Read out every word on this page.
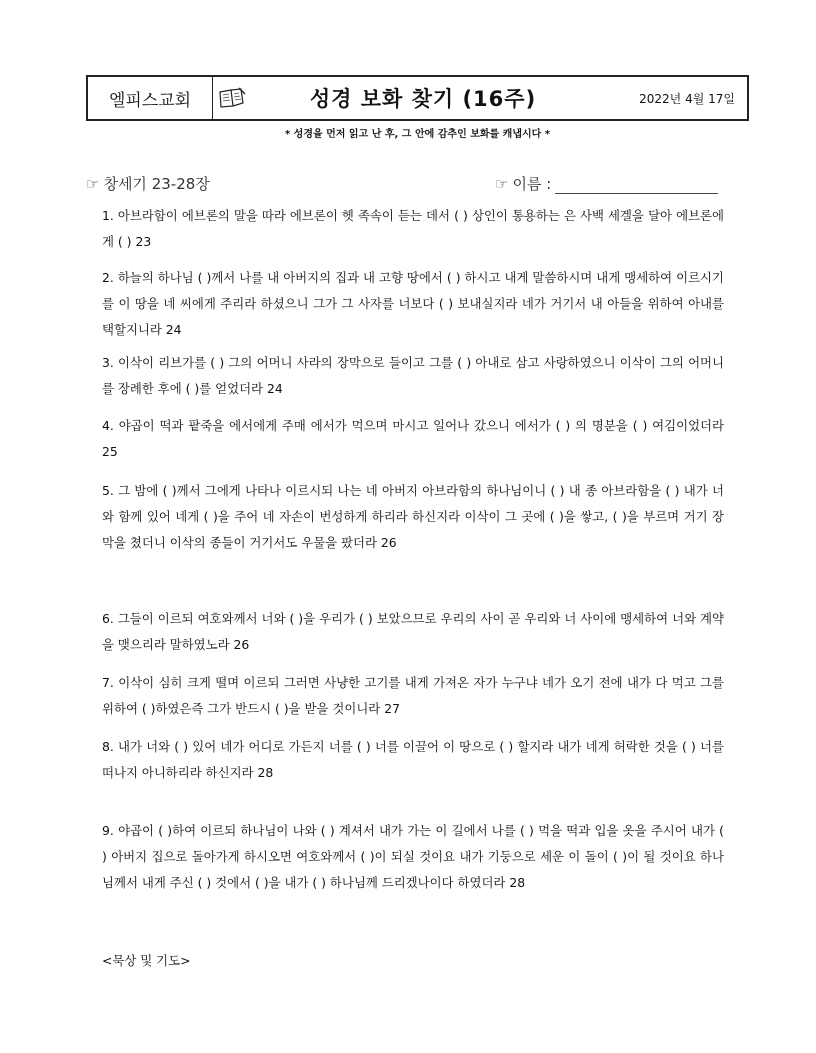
엘피스교회	성경 보화 찾기 (16주)	2022년 4월 17일
* 성경을 먼저 읽고 난 후, 그 안에 감추인 보화를 캐냅시다 *
☞ 창세기 23-28장	☞ 이름 :
1. 아브라함이 에브론의 말을 따라 에브론이 헷 족속이 듣는 데서 ( ) 상인이 통용하는 은 사백 세겔을 달아 에브론에게 ( ) 23
2. 하늘의 하나님 ( )께서 나를 내 아버지의 집과 내 고향 땅에서 ( ) 하시고 내게 말씀하시며 내게 맹세하여 이르시기를 이 땅을 네 씨에게 주리라 하셨으니 그가 그 사자를 너보다 ( ) 보내실지라 네가 거기서 내 아들을 위하여 아내를 택할지니라 24
3. 이삭이 리브가를 ( ) 그의 어머니 사라의 장막으로 들이고 그를 ( ) 아내로 삼고 사랑하였으니 이삭이 그의 어머니를 장례한 후에 ( )를 얻었더라 24
4. 야곱이 떡과 팥죽을 에서에게 주매 에서가 먹으며 마시고 일어나 갔으니 에서가 ( ) 의 명분을 ( ) 여김이었더라 25
5. 그 밤에 ( )께서 그에게 나타나 이르시되 나는 네 아버지 아브라함의 하나님이니 ( ) 내 종 아브라함을 ( ) 내가 너와 함께 있어 네게 ( )을 주어 네 자손이 번성하게 하리라 하신지라 이삭이 그 곳에 ( )을 쌓고, ( )을 부르며 거기 장막을 쳤더니 이삭의 종들이 거기서도 우물을 팠더라 26
6. 그들이 이르되 여호와께서 너와 ( )을 우리가 ( ) 보았으므로 우리의 사이 곧 우리와 너 사이에 맹세하여 너와 계약을 맺으리라 말하였노라 26
7. 이삭이 심히 크게 떨며 이르되 그러면 사냥한 고기를 내게 가져온 자가 누구냐 네가 오기 전에 내가 다 먹고 그를 위하여 ( )하였은즉 그가 반드시 ( )을 받을 것이니라 27
8. 내가 너와 ( ) 있어 네가 어디로 가든지 너를 ( ) 너를 이끌어 이 땅으로 ( ) 할지라 내가 네게 허락한 것을 ( ) 너를 떠나지 아니하리라 하신지라 28
9. 야곱이 ( )하여 이르되 하나님이 나와 ( ) 계셔서 내가 가는 이 길에서 나를 ( ) 먹을 떡과 입을 옷을 주시어 내가 ( ) 아버지 집으로 돌아가게 하시오면 여호와께서 ( )이 되실 것이요 내가 기둥으로 세운 이 돌이 ( )이 될 것이요 하나님께서 내게 주신 ( ) 것에서 ( )을 내가 ( ) 하나님께 드리겠나이다 하였더라 28
<묵상 및 기도>
